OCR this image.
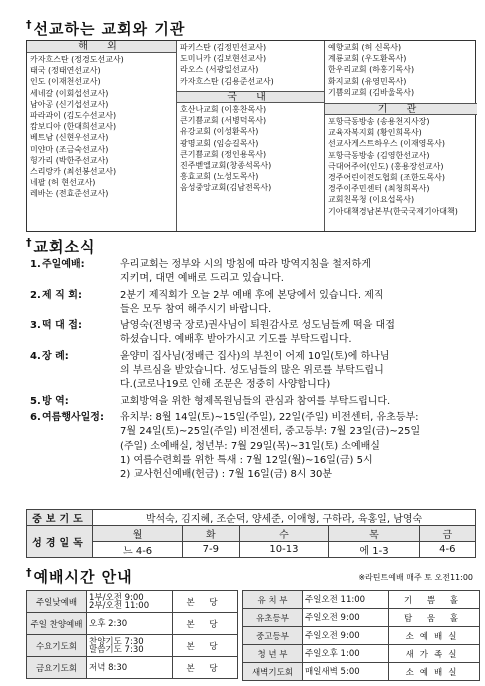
†선교하는 교회와 기관
해 외
카자흐스탄 (정경도선교사)
태국 (정태연선교사)
인도 (이재천선교사)
세네갈 (이회섭선교사)
남아공 (신기섭선교사)
파라과이 (김도수선교사)
캄보디아 (한대희선교사)
베트남 (신현우선교사)
미얀마 (조금숙선교사)
헝가리 (박한주선교사)
스리랑카 (최선봉선교사)
네팔 (허 현선교사)
레바논 (전효준선교사)
파키스탄 (김정민선교사)
도미니카 (김보현선교사)
라오스 (서광일선교사)
카자흐스탄 (김용준선교사)
국 내
호산나교회 (이홍찬목사)
큰기쁨교회 (서병덕목사)
유강교회 (이성환목사)
광명교회 (임승길목사)
큰기쁨교회 (정인용목사)
진주벧엘교회(창종석목사)
흥효교회 (노성도목사)
음성중앙교회(김남전목사)
예향교회 (허 신목사)
계룡교회 (우도환목사)
한우리교회 (하홍기목사)
화지교회 (유영민목사)
기쁨의교회 (김바울목사)
기 관
포항극동방송 (송용천지사장)
교육자복지회 (황인희목사)
선교사게스트하우스 (이재영목사)
포항극동방송 (김영한선교사)
극대어주어(인도) (홍용장선교사)
경주어린이전도협회 (조한도목사)
경주이주민센터 (최청희목사)
교회친목청 (이요섭목사)
기아대책경남본부(한국국제기아대책)
†교회소식
1. 주일예배:	우리교회는 정부와 시의 방침에 따라 방역지침을 철저하게
지키며, 대면 예배로 드리고 있습니다.
2. 제 직 회:	2분기 제직회가 오늘 2부 예배 후에 본당에서 있습니다. 제직
들은 모두 참여 해주시기 바랍니다.
3. 떡 대 접:	남영숙(전병국 장로)권사님이 퇴원감사로 성도님들께 떡을 대접
하셨습니다. 예배후 받아가시고 기도를 부탁드립니다.
4. 장 례:	윤양미 집사님(정배근 집사)의 부친이 어제 10일(토)에 하나님
의 부르심을 받았습니다. 성도님들의 많은 위로를 부탁드립니
다.(코로나19로 인해 조문은 정중히 사양합니다)
5. 방 역:	교회방역을 위한 형제목원님들의 관심과 참여를 부탁드립니다.
6. 여름행사일정:	유치부: 8월 14일(토)~15일(주일), 22일(주일) 비전센터, 유초등부:
7월 24일(토)~25일(주일) 비전센터, 중고등부: 7월 23일(금)~25일
(주일) 소예배실, 청년부: 7월 29일(목)~31일(토) 소예배실
1) 여름수련회를 위한 특새 : 7월 12일(월)~16일(금) 5시
2) 교사헌신예배(헌금) : 7월 16일(금) 8시 30분
중보기도	박석숙, 김지혜, 조순덕, 양세준, 이애형, 구하라, 육홍일, 남영숙				
성경일독	월	화	수	목	금
	느 4-6	7-9	10-13	에 1-3	4-6
†예배시간 안내	※라틴트예배 매주 토 오전11:00
주일낮예배	1부/오전 9:00
2부/오전 11:00	본 당
주일 찬양예배	오후 2:30	본 당
수요기도회	찬양기도 7:30
말씀기도 7:30	본 당
금요기도회	저녁 8:30	본 당
유 치 부	주일오전 11:00	기 쁨 홀
유초등부	주일오전 9:00	탐 움 홀
중고등부	주일오전 9:00	소예배실
청 년 부	주일오후 1:00	새가족실
새벽기도회	매일새벽 5:00	소예배실
